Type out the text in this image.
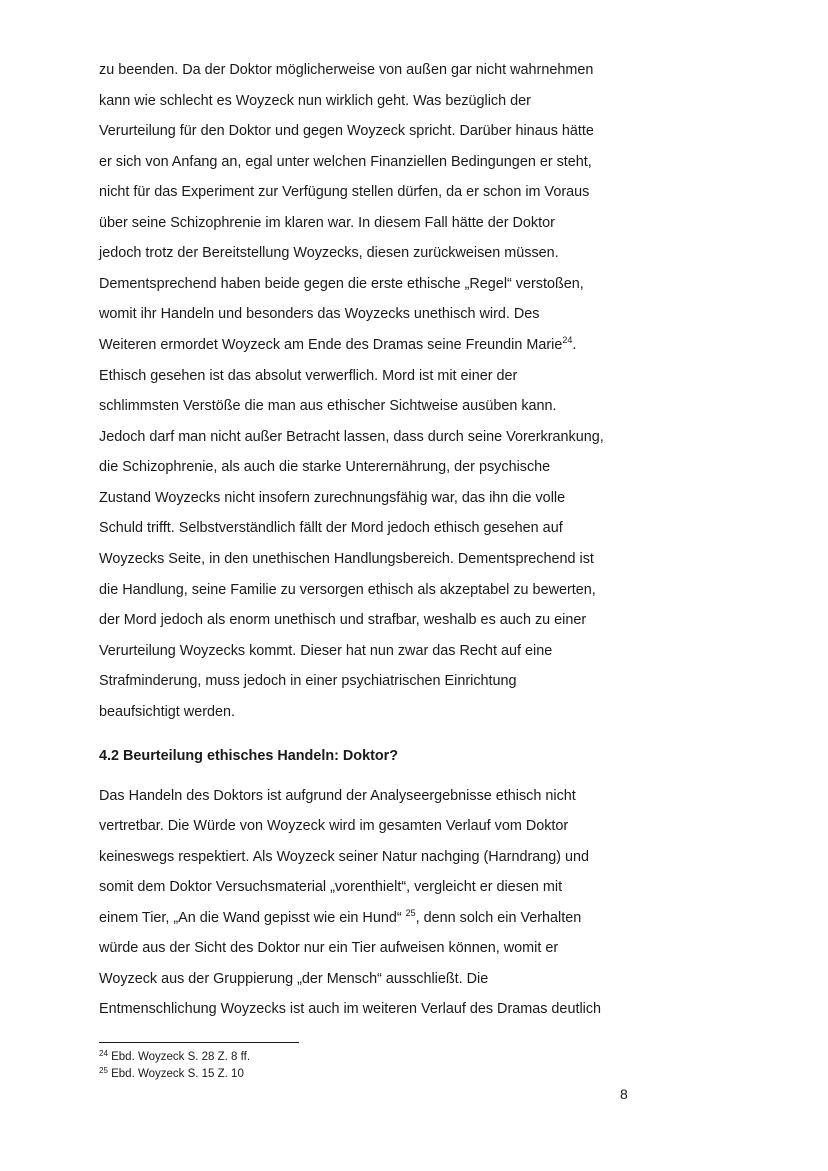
zu beenden. Da der Doktor möglicherweise von außen gar nicht wahrnehmen
kann wie schlecht es Woyzeck nun wirklich geht. Was bezüglich der
Verurteilung für den Doktor und gegen Woyzeck spricht. Darüber hinaus hätte
er sich von Anfang an, egal unter welchen Finanziellen Bedingungen er steht,
nicht für das Experiment zur Verfügung stellen dürfen, da er schon im Voraus
über seine Schizophrenie im klaren war. In diesem Fall hätte der Doktor
jedoch trotz der Bereitstellung Woyzecks, diesen zurückweisen müssen.
Dementsprechend haben beide gegen die erste ethische „Regel“ verstoßen,
womit ihr Handeln und besonders das Woyzecks unethisch wird. Des
Weiteren ermordet Woyzeck am Ende des Dramas seine Freundin Marie$^{24}$.
Ethisch gesehen ist das absolut verwerflich. Mord ist mit einer der
schlimmsten Verstöße die man aus ethischer Sichtweise ausüben kann.
Jedoch darf man nicht außer Betracht lassen, dass durch seine Vorerkrankung,
die Schizophrenie, als auch die starke Unterernährung, der psychische
Zustand Woyzecks nicht insofern zurechnungsfähig war, das ihn die volle
Schuld trifft. Selbstverständlich fällt der Mord jedoch ethisch gesehen auf
Woyzecks Seite, in den unethischen Handlungsbereich. Dementsprechend ist
die Handlung, seine Familie zu versorgen ethisch als akzeptabel zu bewerten,
der Mord jedoch als enorm unethisch und strafbar, weshalb es auch zu einer
Verurteilung Woyzecks kommt. Dieser hat nun zwar das Recht auf eine
Strafminderung, muss jedoch in einer psychiatrischen Einrichtung
beaufsichtigt werden.
4.2 Beurteilung ethisches Handeln: Doktor?
Das Handeln des Doktors ist aufgrund der Analyseergebnisse ethisch nicht
vertretbar. Die Würde von Woyzeck wird im gesamten Verlauf vom Doktor
keineswegs respektiert. Als Woyzeck seiner Natur nachging (Harndrang) und
somit dem Doktor Versuchsmaterial „vorenthielt“, vergleicht er diesen mit
einem Tier, „An die Wand gepisst wie ein Hund“ $^{25}$, denn solch ein Verhalten
würde aus der Sicht des Doktor nur ein Tier aufweisen können, womit er
Woyzeck aus der Gruppierung „der Mensch“ ausschließt. Die
Entmenschlichung Woyzecks ist auch im weiteren Verlauf des Dramas deutlich
$^{24}$ Ebd. Woyzeck S. 28 Z. 8 ff.
$^{25}$ Ebd. Woyzeck S. 15 Z. 10
8
